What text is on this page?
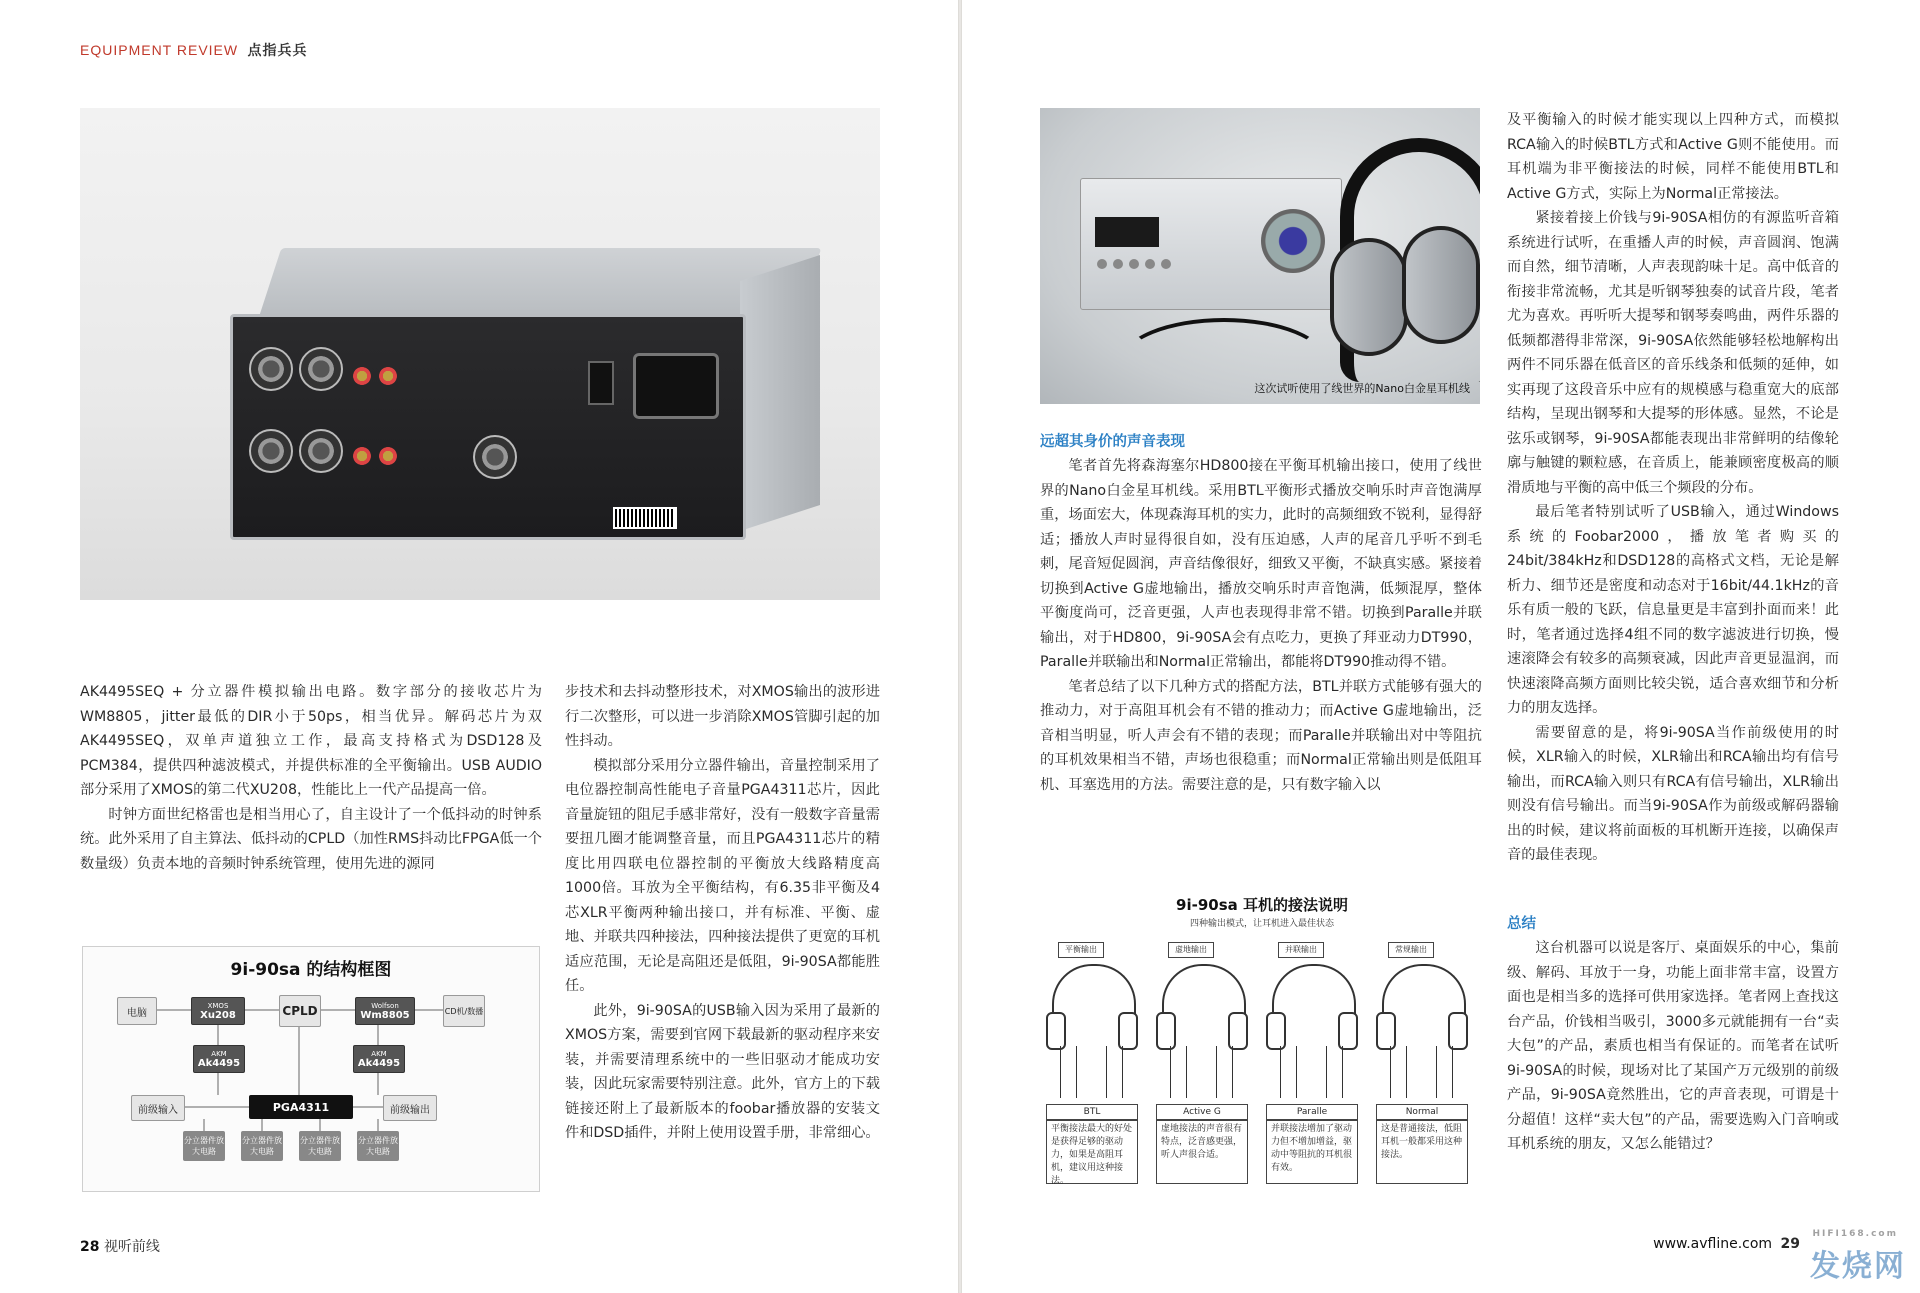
EQUIPMENT REVIEW 点指兵兵

AK4495SEQ + 分立器件模拟输出电路。数字部分的接收芯片为WM8805，jitter最低的DIR小于50ps，相当优异。解码芯片为双AK4495SEQ，双单声道独立工作，最高支持格式为DSD128及PCM384，提供四种滤波模式，并提供标准的全平衡输出。USB AUDIO部分采用了XMOS的第二代XU208，性能比上一代产品提高一倍。

时钟方面世纪格雷也是相当用心了，自主设计了一个低抖动的时钟系统。此外采用了自主算法、低抖动的CPLD（加性RMS抖动比FPGA低一个数量级）负责本地的音频时钟系统管理，使用先进的源同

步技术和去抖动整形技术，对XMOS输出的波形进行二次整形，可以进一步消除XMOS管脚引起的加性抖动。

模拟部分采用分立器件输出，音量控制采用了电位器控制高性能电子音量PGA4311芯片，因此音量旋钮的阻尼手感非常好，没有一般数字音量需要扭几圈才能调整音量，而且PGA4311芯片的精度比用四联电位器控制的平衡放大线路精度高1000倍。耳放为全平衡结构，有6.35非平衡及4芯XLR平衡两种输出接口，并有标准、平衡、虚地、并联共四种接法，四种接法提供了更宽的耳机适应范围，无论是高阻还是低阻，9i-90SA都能胜任。

此外，9i-90SA的USB输入因为采用了最新的XMOS方案，需要到官网下载最新的驱动程序来安装，并需要清理系统中的一些旧驱动才能成功安装，因此玩家需要特别注意。此外，官方上的下载链接还附上了最新版本的foobar播放器的安装文件和DSD插件，并附上使用设置手册，非常细心。

9i-90sa 的结构框图
电脑
XMOS
Xu208	CPLD	Wolfson
Wm8805	CD机/数播
AKM
Ak4495
AKM
Ak4495
前级输入	PGA4311	前级输出
分立器件放大电路
分立器件放大电路
分立器件放大电路
分立器件放大电路
28 视听前线
这次试听使用了线世界的Nano白金星耳机线
远超其身价的声音表现

笔者首先将森海塞尔HD800接在平衡耳机输出接口，使用了线世界的Nano白金星耳机线。采用BTL平衡形式播放交响乐时声音饱满厚重，场面宏大，体现森海耳机的实力，此时的高频细致不锐利，显得舒适；播放人声时显得很自如，没有压迫感，人声的尾音几乎听不到毛刺，尾音短促圆润，声音结像很好，细致又平衡，不缺真实感。紧接着切换到Active G虚地输出，播放交响乐时声音饱满，低频混厚，整体平衡度尚可，泛音更强，人声也表现得非常不错。切换到Paralle并联输出，对于HD800，9i-90SA会有点吃力，更换了拜亚动力DT990，Paralle并联输出和Normal正常输出，都能将DT990推动得不错。

笔者总结了以下几种方式的搭配方法，BTL并联方式能够有强大的推动力，对于高阻耳机会有不错的推动力；而Active G虚地输出，泛音相当明显，听人声会有不错的表现；而Paralle并联输出对中等阻抗的耳机效果相当不错，声场也很稳重；而Normal正常输出则是低阻耳机、耳塞选用的方法。需要注意的是，只有数字输入以

及平衡输入的时候才能实现以上四种方式，而模拟RCA输入的时候BTL方式和Active G则不能使用。而耳机端为非平衡接法的时候，同样不能使用BTL和Active G方式，实际上为Normal正常接法。

紧接着接上价钱与9i-90SA相仿的有源监听音箱系统进行试听，在重播人声的时候，声音圆润、饱满而自然，细节清晰，人声表现韵味十足。高中低音的衔接非常流畅，尤其是听钢琴独奏的试音片段，笔者尤为喜欢。再听听大提琴和钢琴奏鸣曲，两件乐器的低频都潜得非常深，9i-90SA依然能够轻松地解构出两件不同乐器在低音区的音乐线条和低频的延伸，如实再现了这段音乐中应有的规模感与稳重宽大的底部结构，呈现出钢琴和大提琴的形体感。显然，不论是弦乐或钢琴，9i-90SA都能表现出非常鲜明的结像轮廓与触键的颗粒感，在音质上，能兼顾密度极高的顺滑质地与平衡的高中低三个频段的分布。

最后笔者特别试听了USB输入，通过Windows系统的Foobar2000，播放笔者购买的24bit/384kHz和DSD128的高格式文档，无论是解析力、细节还是密度和动态对于16bit/44.1kHz的音乐有质一般的飞跃，信息量更是丰富到扑面而来！此时，笔者通过选择4组不同的数字滤波进行切换，慢速滚降会有较多的高频衰减，因此声音更显温润，而快速滚降高频方面则比较尖锐，适合喜欢细节和分析力的朋友选择。

需要留意的是，将9i-90SA当作前级使用的时候，XLR输入的时候，XLR输出和RCA输出均有信号输出，而RCA输入则只有RCA有信号输出，XLR输出则没有信号输出。而当9i-90SA作为前级或解码器输出的时候，建议将前面板的耳机断开连接，以确保声音的最佳表现。

总结

这台机器可以说是客厅、桌面娱乐的中心，集前级、解码、耳放于一身，功能上面非常丰富，设置方面也是相当多的选择可供用家选择。笔者网上查找这台产品，价钱相当吸引，3000多元就能拥有一台“卖大包”的产品，素质也相当有保证的。而笔者在试听9i-90SA的时候，现场对比了某国产万元级别的前级产品，9i-90SA竟然胜出，它的声音表现，可谓是十分超值！这样“卖大包”的产品，需要选购入门音响或耳机系统的朋友，又怎么能错过？

9i-90sa 耳机的接法说明
四种输出模式，让耳机进入最佳状态
平衡输出
BTL
平衡接法最大的好处是获得足够的驱动力，如果是高阻耳机，建议用这种接法。
虚地输出
Active G
虚地接法的声音很有特点，泛音感更强，听人声很合适。
并联输出
Paralle
并联接法增加了驱动力但不增加增益，驱动中等阻抗的耳机很有效。
常规输出
Normal
这是普通接法，低阻耳机一般都采用这种接法。
www.avfline.com 29
HIFI168.com
发烧网
